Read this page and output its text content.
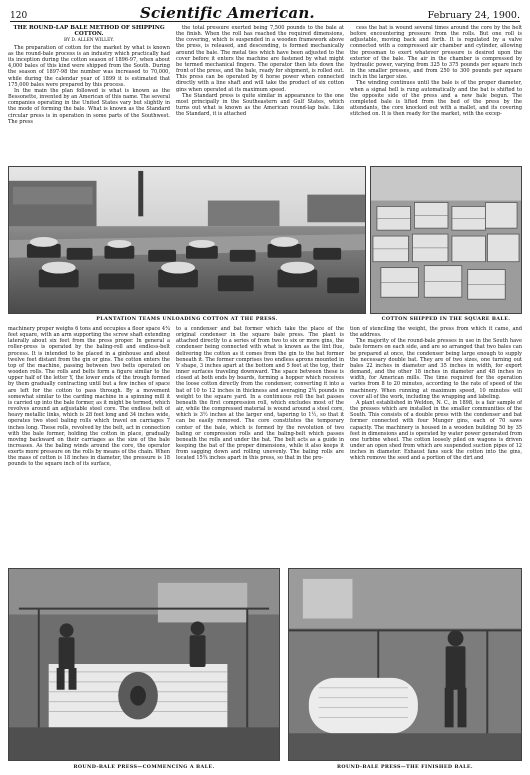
120	Scientific American.	February 24, 1900.

THE ROUND-LAP BALE METHOD OF SHIPPING COTTON.

BY D. ALLEN WILLEY.

The preparation of cotton for the market by what is known as the round-bale process is an industry which practically had its inception during the cotton season of 1896-97, when about 4,000 bales of this kind were shipped from the South. During the season of 1897-98 the number was increased to 70,000, while during the calendar year of 1899 it is estimated that 175,000 bales were prepared by this process.

In the main the plan followed is what is known as the Bessonette, invented by an American of this name. The several companies operating in the United States vary but slightly in the mode of forming the bale. What is known as the Standard circular press is in operation in some parts of the Southwest. The press

the total pressure exerted being 7,500 pounds to the bale at the finish. When the roll has reached the required dimensions, the covering, which is suspended in a wooden framework above the press, is released, and descending, is formed mechanically around the bale. The metal ties which have been adjusted to the cover before it enters the machine are fastened by what might be termed mechanical fingers. The operator then lets down the front of the press, and the bale, ready for shipment, is rolled out. This press can be operated by 6 horse power when connected directly with a line shaft and will take the product of six cotton gins when operated at its maximum speed.

The Standard press is quite similar in appearance to the one most principally in the Southeastern and Gulf States, which turns out what is known as the American round-lap bale. Like the Standard, it is attached

cess the bat is wound several times around the core by the belt before encountering pressure from the rolls. But one roll is adjustable, moving back and forth. It is regulated by a valve connected with a compressed air chamber and cylinder, allowing the pressman to exert whatever pressure is desired upon the exterior of the bale. The air in the chamber is compressed by hydraulic power, varying from 325 to 375 pounds per square inch in the smaller presses, and from 250 to 300 pounds per square inch in the larger size.

The winding continues until the bale is of the proper diameter, when a signal bell is rung automatically and the bat is shifted to the opposite side of the press and a new bale begun. The completed bale is lifted from the bed of the press by the attendants, the core knocked out with a mallet, and its covering stitched on. It is then ready for the market, with the excep-

PLANTATION TEAMS UNLOADING COTTON AT THE PRESS.	COTTON SHIPPED IN THE SQUARE BALE.

machinery proper weighs 6 tons and occupies a floor space 4¾ feet square, with an arm supporting the screw shaft extending laterally about six feet from the press proper. In general a roller-press is operated by the baling-roll and endless-belt process. It is intended to be placed in a ginhouse and about twelve feet distant from the gin or gins. The cotton enters the top of the machine, passing between two belts operated on wooden rolls. The rolls and belts form a figure similar to the upper half of the letter Y, the lower ends of the trough formed by them gradually contracting until but a few inches of space are left for the cotton to pass through. By a movement somewhat similar to the carding machine in a spinning mill it is carried up into the bale former, as it might be termed, which revolves around an adjustable steel core. The endless belt of heavy metallic links, which is 28 feet long and 34 inches wide, operates two steel baling rolls which travel on carriages 7 inches long. These rolls, revolved by the belt, act in connection with the bale former, holding the cotton in place, gradually moving backward on their carriages as the size of the bale increases. As the baling winds around the core, the operator exerts more pressure on the rolls by means of the chain. When the mass of cotton is 18 inches in diameter, the pressure is 18 pounds to the square inch of its surface,

to a condenser and bat former which take the place of the original condenser in the square bale press. The plant is attached directly to a series of from two to six or more gins, the condenser being connected with what is known as the lint flue, delivering the cotton as it comes from the gin to the bat former beneath it. The former comprises two endless aprons mounted in V shape, 3 inches apart at the bottom and 5 feet at the top, their inner surfaces traveling downward. The space between these is closed at both ends by boards, forming a hopper which receives the loose cotton directly from the condenser, converting it into a bat of 10 to 12 inches in thickness and averaging 2¾ pounds in weight to the square yard. In a continuous roll the bat passes beneath the first compression roll, which excludes most of the air, while the compressed material is wound around a steel core, which is 3½ inches at the larger end, tapering to 1½, so that it can be easily removed. The core constitutes the temporary center of the bale, which is formed by the revolution of two baling or compression rolls and the baling-belt which passes beneath the rolls and under the bat. The belt acts as a guide in keeping the bat of the proper dimensions, while it also keeps it from sagging down and rolling unevenly. The baling rolls are located 15¾ inches apart in this press, so that in the pro-

tion of stenciling the weight, the press from which it came, and the address.

The majority of the round-bale presses in use in the South have bale formers on each side, and are so arranged that two bales can be prepared at once, the condenser being large enough to supply the necessary double bat. They are of two sizes, one turning out bales 22 inches in diameter and 35 inches in width, for export demand, and the other 18 inches in diameter and 48 inches in width, for American mills. The time required for the operation varies from 8 to 20 minutes, according to the rate of speed of the machinery. When running at maximum speed, 10 minutes will cover all of the work, including the wrapping and labeling.

A plant established in Weldon, N. C., in 1898, is a fair sample of the presses which are installed in the smaller communities of the South. This consists of a double press with the condenser and bat former connected with four Munger gins, each of 70 saws capacity. The machinery is housed in a wooden building 50 by 35 feet in dimensions and is operated by water power generated from one turbine wheel. The cotton loosely piled on wagons is driven under an open shed from which are suspended suction pipes of 12 inches in diameter. Exhaust fans suck the cotton into the gins, which remove the seed and a portion of the dirt and

ROUND-BALE PRESS—COMMENCING A BALE.	ROUND-BALE PRESS—THE FINISHED BALE.
